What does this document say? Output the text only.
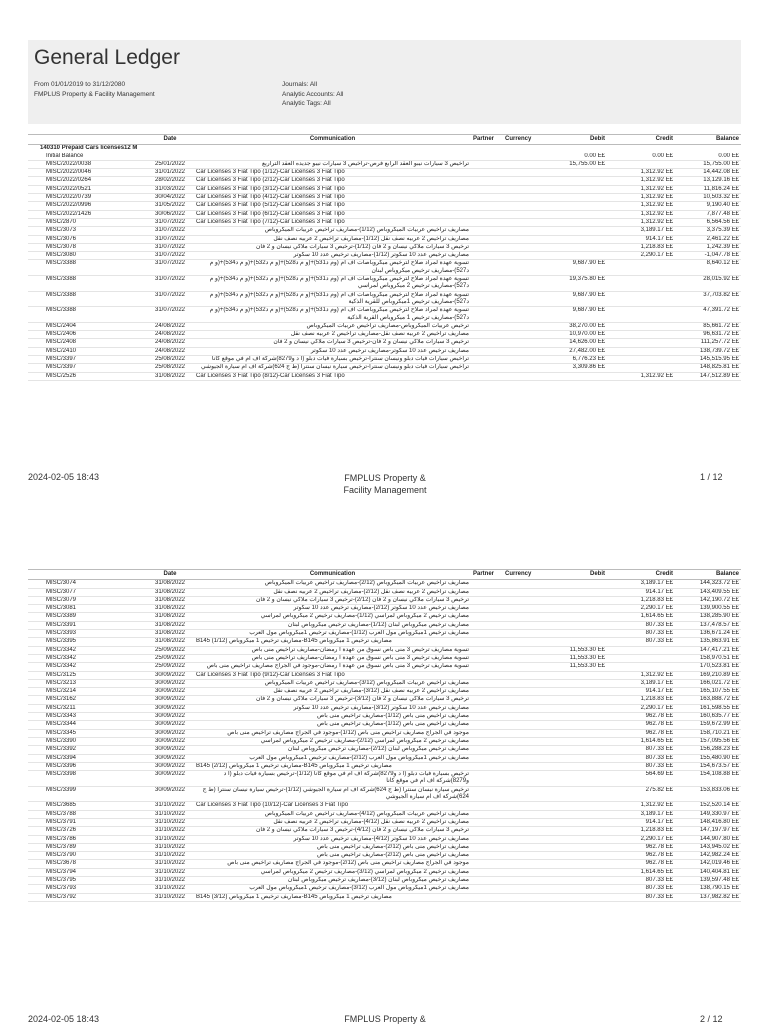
General Ledger
From 01/01/2019 to 31/12/2080
FMPLUS Property & Facility Management
Journals: All
Analytic Accounts: All
Analytic Tags: All
	Date	Communication	Partner	Currency	Debit	Credit	Balance
140310 Prepaid Cars licenses12 M							
Initial Balance					0.00 E£	0.00 E£	0.00 E£
MISC/2022/0038	25/01/2022	تراخيص 3 سيارات نيبو العقد الرابع فرص-تراخيص 3 سيارات نيبو جديده العقد التراربع			15,755.00 E£		15,755.00 E£
MISC/2022/0046	31/01/2022	Car Licenses 3 Fiat Tipo (1/12)-Car Licenses 3 Fiat Tipo				1,312.92 E£	14,442.08 E£
MISC/2022/0264	28/02/2022	Car Licenses 3 Fiat Tipo (2/12)-Car Licenses 3 Fiat Tipo				1,312.92 E£	13,129.16 E£
MISC/2022/0521	31/03/2022	Car Licenses 3 Fiat Tipo (3/12)-Car Licenses 3 Fiat Tipo				1,312.92 E£	11,816.24 E£
MISC/2022/0739	30/04/2022	Car Licenses 3 Fiat Tipo (4/12)-Car Licenses 3 Fiat Tipo				1,312.92 E£	10,503.32 E£
MISC/2022/0996	31/05/2022	Car Licenses 3 Fiat Tipo (5/12)-Car Licenses 3 Fiat Tipo				1,312.92 E£	9,190.40 E£
MISC/2022/1426	30/06/2022	Car Licenses 3 Fiat Tipo (6/12)-Car Licenses 3 Fiat Tipo				1,312.92 E£	7,877.48 E£
MISC/2870	31/07/2022	Car Licenses 3 Fiat Tipo (7/12)-Car Licenses 3 Fiat Tipo				1,312.92 E£	6,564.56 E£
MISC/3073	31/07/2022	مصاريف تراخيص عربيات الميكروباص (1/12)-مصاريف تراخيص عربيات الميكروباص				3,189.17 E£	3,375.39 E£
MISC/3076	31/07/2022	مصاريف تراخيص 2 عربيه نصف نقل (1/12)-مصاريف تراخيص 2 عربيه نصف نقل				914.17 E£	2,461.22 E£
MISC/3078	31/07/2022	ترخيص 3 سيارات ملاكي نيسان و 2 فان (1/12)-ترخيص 3 سيارات ملاكي نيسان و 2 فان				1,218.83 E£	1,242.39 E£
MISC/3080	31/07/2022	مصاريف ترخيص عدد 10 سكوتر (1/12)-مصاريف ترخيص عدد 10 سكوتر				2,290.17 E£	-1,047.78 E£
MISC/3388	31/07/2022	تسوية عهدة لمراد صلاح لترخيص ميكروباصات اف ام (وم د531)+(و م د528)+(و م د532)+(و م د534)+(و م د527)-مصاريف ترخيص ميكروباص لبنان			9,687.90 E£		8,640.12 E£
MISC/3388	31/07/2022	تسوية عهدة لمراد صلاح لترخيص ميكروباصات اف ام (وم د531)+(و م د528)+(و م د532)+(و م د534)+(و م د527)-مصاريف ترخيص 2 ميكروباص لمراسي			19,375.80 E£		28,015.92 E£
MISC/3388	31/07/2022	تسوية عهدة لمراد صلاح لترخيص ميكروباصات اف ام (وم د531)+(و م د528)+(و م د532)+(و م د534)+(و م د527)-مصاريف ترخيص 1ميكروباص للقرية الذكية			9,687.90 E£		37,703.82 E£
MISC/3388	31/07/2022	تسوية عهدة لمراد صلاح لترخيص ميكروباصات اف ام (وم د531)+(و م د528)+(و م د532)+(و م د534)+(و م د527)-مصاريف ترخيص 1 ميكروباص القرية الذكية			9,687.90 E£		47,391.72 E£
MISC/2404	24/08/2022	ترخيص عربيات الميكروباص-مصاريف تراخيص عربيات الميكروباص			38,270.00 E£		85,661.72 E£
MISC/2406	24/08/2022	مصاريف تراخيص 2 عربيه نصف نقل-مصاريف تراخيص 2 عربيه نصف نقل			10,970.00 E£		96,631.72 E£
MISC/2408	24/08/2022	ترخيص 3 سيارات ملاكي نيسان و 2 فان-ترخيص 3 سيارات ملاكي نيسان و 2 فان			14,626.00 E£		111,257.72 E£
MISC/2410	24/08/2022	مصاريف ترخيص عدد 10 سكوتر-مصاريف ترخيص عدد 10 سكوتر			27,482.00 E£		138,739.72 E£
MISC/3397	25/08/2022	تراخيص سيارات فيات دبلو ونيسان سنترا-ترخيص بسيارة فيات دبلو (ا د و8279)شركة اف ام في موقع كانا			6,776.23 E£		145,515.95 E£
MISC/3397	25/08/2022	تراخيص سيارات فيات دبلو ونيسان سنترا-ترخيص سيارة نيسان سنترا (ط ج 624)شركة اف ام سيارة الجيوشي			3,309.86 E£		148,825.81 E£
MISC/2526	31/08/2022	Car Licenses 3 Fiat Tipo (8/12)-Car Licenses 3 Fiat Tipo				1,312.92 E£	147,512.89 E£
2024-02-05 18:43	FMPLUS Property & Facility Management
1 / 12
	Date	Communication	Partner	Currency	Debit	Credit	Balance
MISC/3074	31/08/2022	مصاريف تراخيص عربيات الميكروباص (2/12)-مصاريف تراخيص عربيات الميكروباص				3,189.17 E£	144,323.72 E£
MISC/3077	31/08/2022	مصاريف تراخيص 2 عربيه نصف نقل (2/12)-مصاريف تراخيص 2 عربيه نصف نقل				914.17 E£	143,409.55 E£
MISC/3079	31/08/2022	ترخيص 3 سيارات ملاكي نيسان و 2 فان (2/12)-ترخيص 3 سيارات ملاكي نيسان و 2 فان				1,218.83 E£	142,190.72 E£
MISC/3081	31/08/2022	مصاريف ترخيص عدد 10 سكوتر (2/12)-مصاريف ترخيص عدد 10 سكوتر				2,290.17 E£	139,900.55 E£
MISC/3389	31/08/2022	مصاريف ترخيص 2 ميكروباص لمراسي (1/12)-مصاريف ترخيص 2 ميكروباص لمراسي				1,614.65 E£	138,285.90 E£
MISC/3391	31/08/2022	مصاريف ترخيص ميكروباص لبنان (1/12)-مصاريف ترخيص ميكروباص لبنان				807.33 E£	137,478.57 E£
MISC/3393	31/08/2022	مصاريف ترخيص 1ميكروباص مول العرب (1/12)-مصاريف ترخيص 1ميكروباص مول العرب				807.33 E£	136,671.24 E£
MISC/3395	31/08/2022	B145 مصاريف ترخيص 1 ميكروباص (1/12)-B145 مصاريف ترخيص 1 ميكروباص				807.33 E£	135,863.91 E£
MISC/3342	25/09/2022	تسوية مصاريف ترخيص 3 منى باص نسوق من عهدة ا رمضان-مصاريف تراخيص منى باص			11,553.30 E£		147,417.21 E£
MISC/3342	25/09/2022	تسوية مصاريف ترخيص 3 منى باص نسوق من عهدة ا رمضان-مصاريف تراخيص منى باص			11,553.30 E£		158,970.51 E£
MISC/3342	25/09/2022	تسوية مصاريف ترخيص 3 منى باص نسوق من عهدة ا رمضان-موجود في الجراج مصاريف تراخيص منى باص			11,553.30 E£		170,523.81 E£
MISC/3125	30/09/2022	Car Licenses 3 Fiat Tipo (9/12)-Car Licenses 3 Fiat Tipo				1,312.92 E£	169,210.89 E£
MISC/3213	30/09/2022	مصاريف تراخيص عربيات الميكروباص (3/12)-مصاريف تراخيص عربيات الميكروباص				3,189.17 E£	166,021.72 E£
MISC/3214	30/09/2022	مصاريف تراخيص 2 عربيه نصف نقل (3/12)-مصاريف تراخيص 2 عربيه نصف نقل				914.17 E£	165,107.55 E£
MISC/3162	30/09/2022	ترخيص 3 سيارات ملاكي نيسان و 2 فان (3/12)-ترخيص 3 سيارات ملاكي نيسان و 2 فان				1,218.83 E£	163,888.72 E£
MISC/3211	30/09/2022	مصاريف ترخيص عدد 10 سكوتر (3/12)-مصاريف ترخيص عدد 10 سكوتر				2,290.17 E£	161,598.55 E£
MISC/3343	30/09/2022	مصاريف تراخيص منى باص (1/12)-مصاريف تراخيص منى باص				962.78 E£	160,635.77 E£
MISC/3344	30/09/2022	مصاريف تراخيص منى باص (1/12)-مصاريف تراخيص منى باص				962.78 E£	159,672.99 E£
MISC/3345	30/09/2022	موجود في الجراج مصاريف تراخيص منى باص (1/12)-موجود في الجراج مصاريف تراخيص منى باص				962.78 E£	158,710.21 E£
MISC/3390	30/09/2022	مصاريف ترخيص 2 ميكروباص لمراسي (2/12)-مصاريف ترخيص 2 ميكروباص لمراسي				1,614.65 E£	157,095.56 E£
MISC/3392	30/09/2022	مصاريف ترخيص ميكروباص لبنان (2/12)-مصاريف ترخيص ميكروباص لبنان				807.33 E£	156,288.23 E£
MISC/3394	30/09/2022	مصاريف ترخيص 1ميكروباص مول العرب (2/12)-مصاريف ترخيص 1ميكروباص مول العرب				807.33 E£	155,480.90 E£
MISC/3396	30/09/2022	B145 مصاريف ترخيص 1 ميكروباص (2/12)-B145 مصاريف ترخيص 1 ميكروباص				807.33 E£	154,673.57 E£
MISC/3398	30/09/2022	ترخيص بسيارة فيات دبلو (ا د و8279)شركة اف ام في موقع كانا (1/12)-ترخيص بسيارة فيات دبلو (ا د و8279)شركة اف ام في موقع كانا				564.69 E£	154,108.88 E£
MISC/3399	30/09/2022	ترخيص سيارة نيسان سنترا (ط ج 624)شركة اف ام سيارة الجيوشي (1/12)-ترخيص سيارة نيسان سنترا (ط ج 624)شركة اف ام سيارة الجيوشي				275.82 E£	153,833.06 E£
MISC/3685	31/10/2022	Car Licenses 3 Fiat Tipo (10/12)-Car Licenses 3 Fiat Tipo				1,312.92 E£	152,520.14 E£
MISC/3788	31/10/2022	مصاريف تراخيص عربيات الميكروباص (4/12)-مصاريف تراخيص عربيات الميكروباص				3,189.17 E£	149,330.97 E£
MISC/3791	31/10/2022	مصاريف تراخيص 2 عربيه نصف نقل (4/12)-مصاريف تراخيص 2 عربيه نصف نقل				914.17 E£	148,416.80 E£
MISC/3726	31/10/2022	ترخيص 3 سيارات ملاكي نيسان و 2 فان (4/12)-ترخيص 3 سيارات ملاكي نيسان و 2 فان				1,218.83 E£	147,197.97 E£
MISC/3786	31/10/2022	مصاريف ترخيص عدد 10 سكوتر (4/12)-مصاريف ترخيص عدد 10 سكوتر				2,290.17 E£	144,907.80 E£
MISC/3789	31/10/2022	مصاريف تراخيص منى باص (2/12)-مصاريف تراخيص منى باص				962.78 E£	143,945.02 E£
MISC/3790	31/10/2022	مصاريف تراخيص منى باص (2/12)-مصاريف تراخيص منى باص				962.78 E£	142,982.24 E£
MISC/3678	31/10/2022	موجود في الجراج مصاريف تراخيص منى باص (2/12)-موجود في الجراج مصاريف تراخيص منى باص				962.78 E£	142,019.46 E£
MISC/3794	31/10/2022	مصاريف ترخيص 2 ميكروباص لمراسي (3/12)-مصاريف ترخيص 2 ميكروباص لمراسي				1,614.65 E£	140,404.81 E£
MISC/3795	31/10/2022	مصاريف ترخيص ميكروباص لبنان (3/12)-مصاريف ترخيص ميكروباص لبنان				807.33 E£	139,597.48 E£
MISC/3793	31/10/2022	مصاريف ترخيص 1ميكروباص مول العرب (3/12)-مصاريف ترخيص 1ميكروباص مول العرب				807.33 E£	138,790.15 E£
MISC/3792	31/10/2022	B145 مصاريف ترخيص 1 ميكروباص (3/12)-B145 مصاريف ترخيص 1 ميكروباص				807.33 E£	137,982.82 E£
2024-02-05 18:43	FMPLUS Property &	2 / 12
